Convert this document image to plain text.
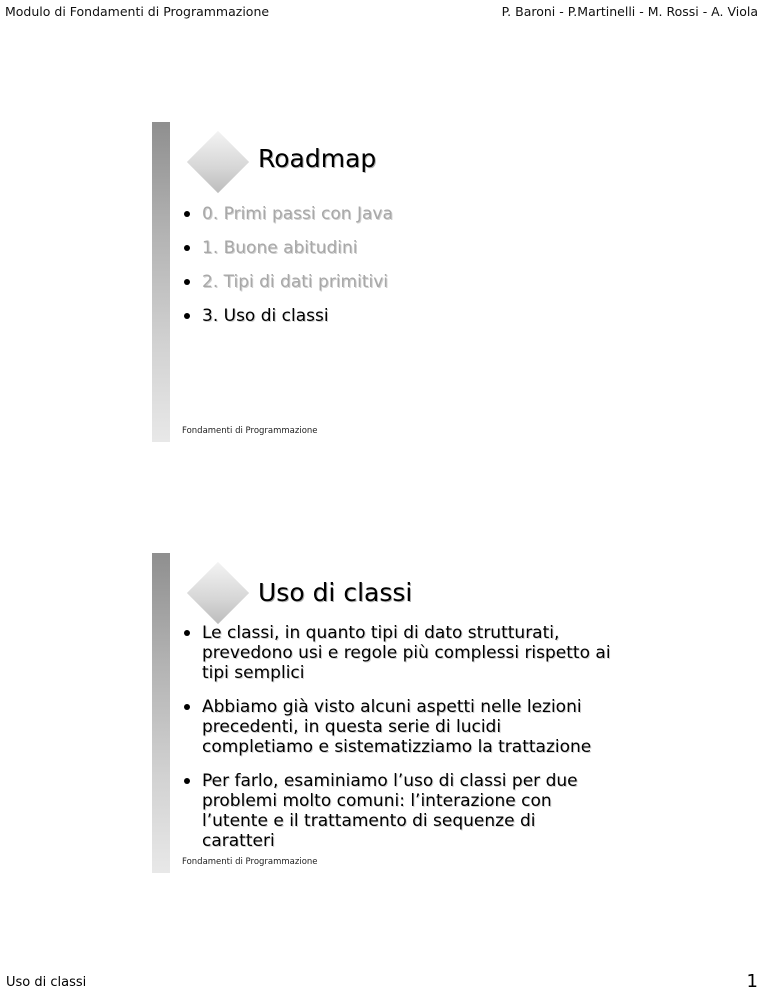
Modulo di Fondamenti di Programmazione	P. Baroni - P.Martinelli - M. Rossi - A. Viola
Roadmap
0. Primi passi con Java
1. Buone abitudini
2. Tipi di dati primitivi
3. Uso di classi
Fondamenti di Programmazione
Uso di classi
Le classi, in quanto tipi di dato strutturati, prevedono usi e regole più complessi rispetto ai tipi semplici
Abbiamo già visto alcuni aspetti nelle lezioni precedenti, in questa serie di lucidi completiamo e sistematizziamo la trattazione
Per farlo, esaminiamo l’uso di classi per due problemi molto comuni: l’interazione con l’utente e il trattamento di sequenze di caratteri
Fondamenti di Programmazione
Uso di classi	1
